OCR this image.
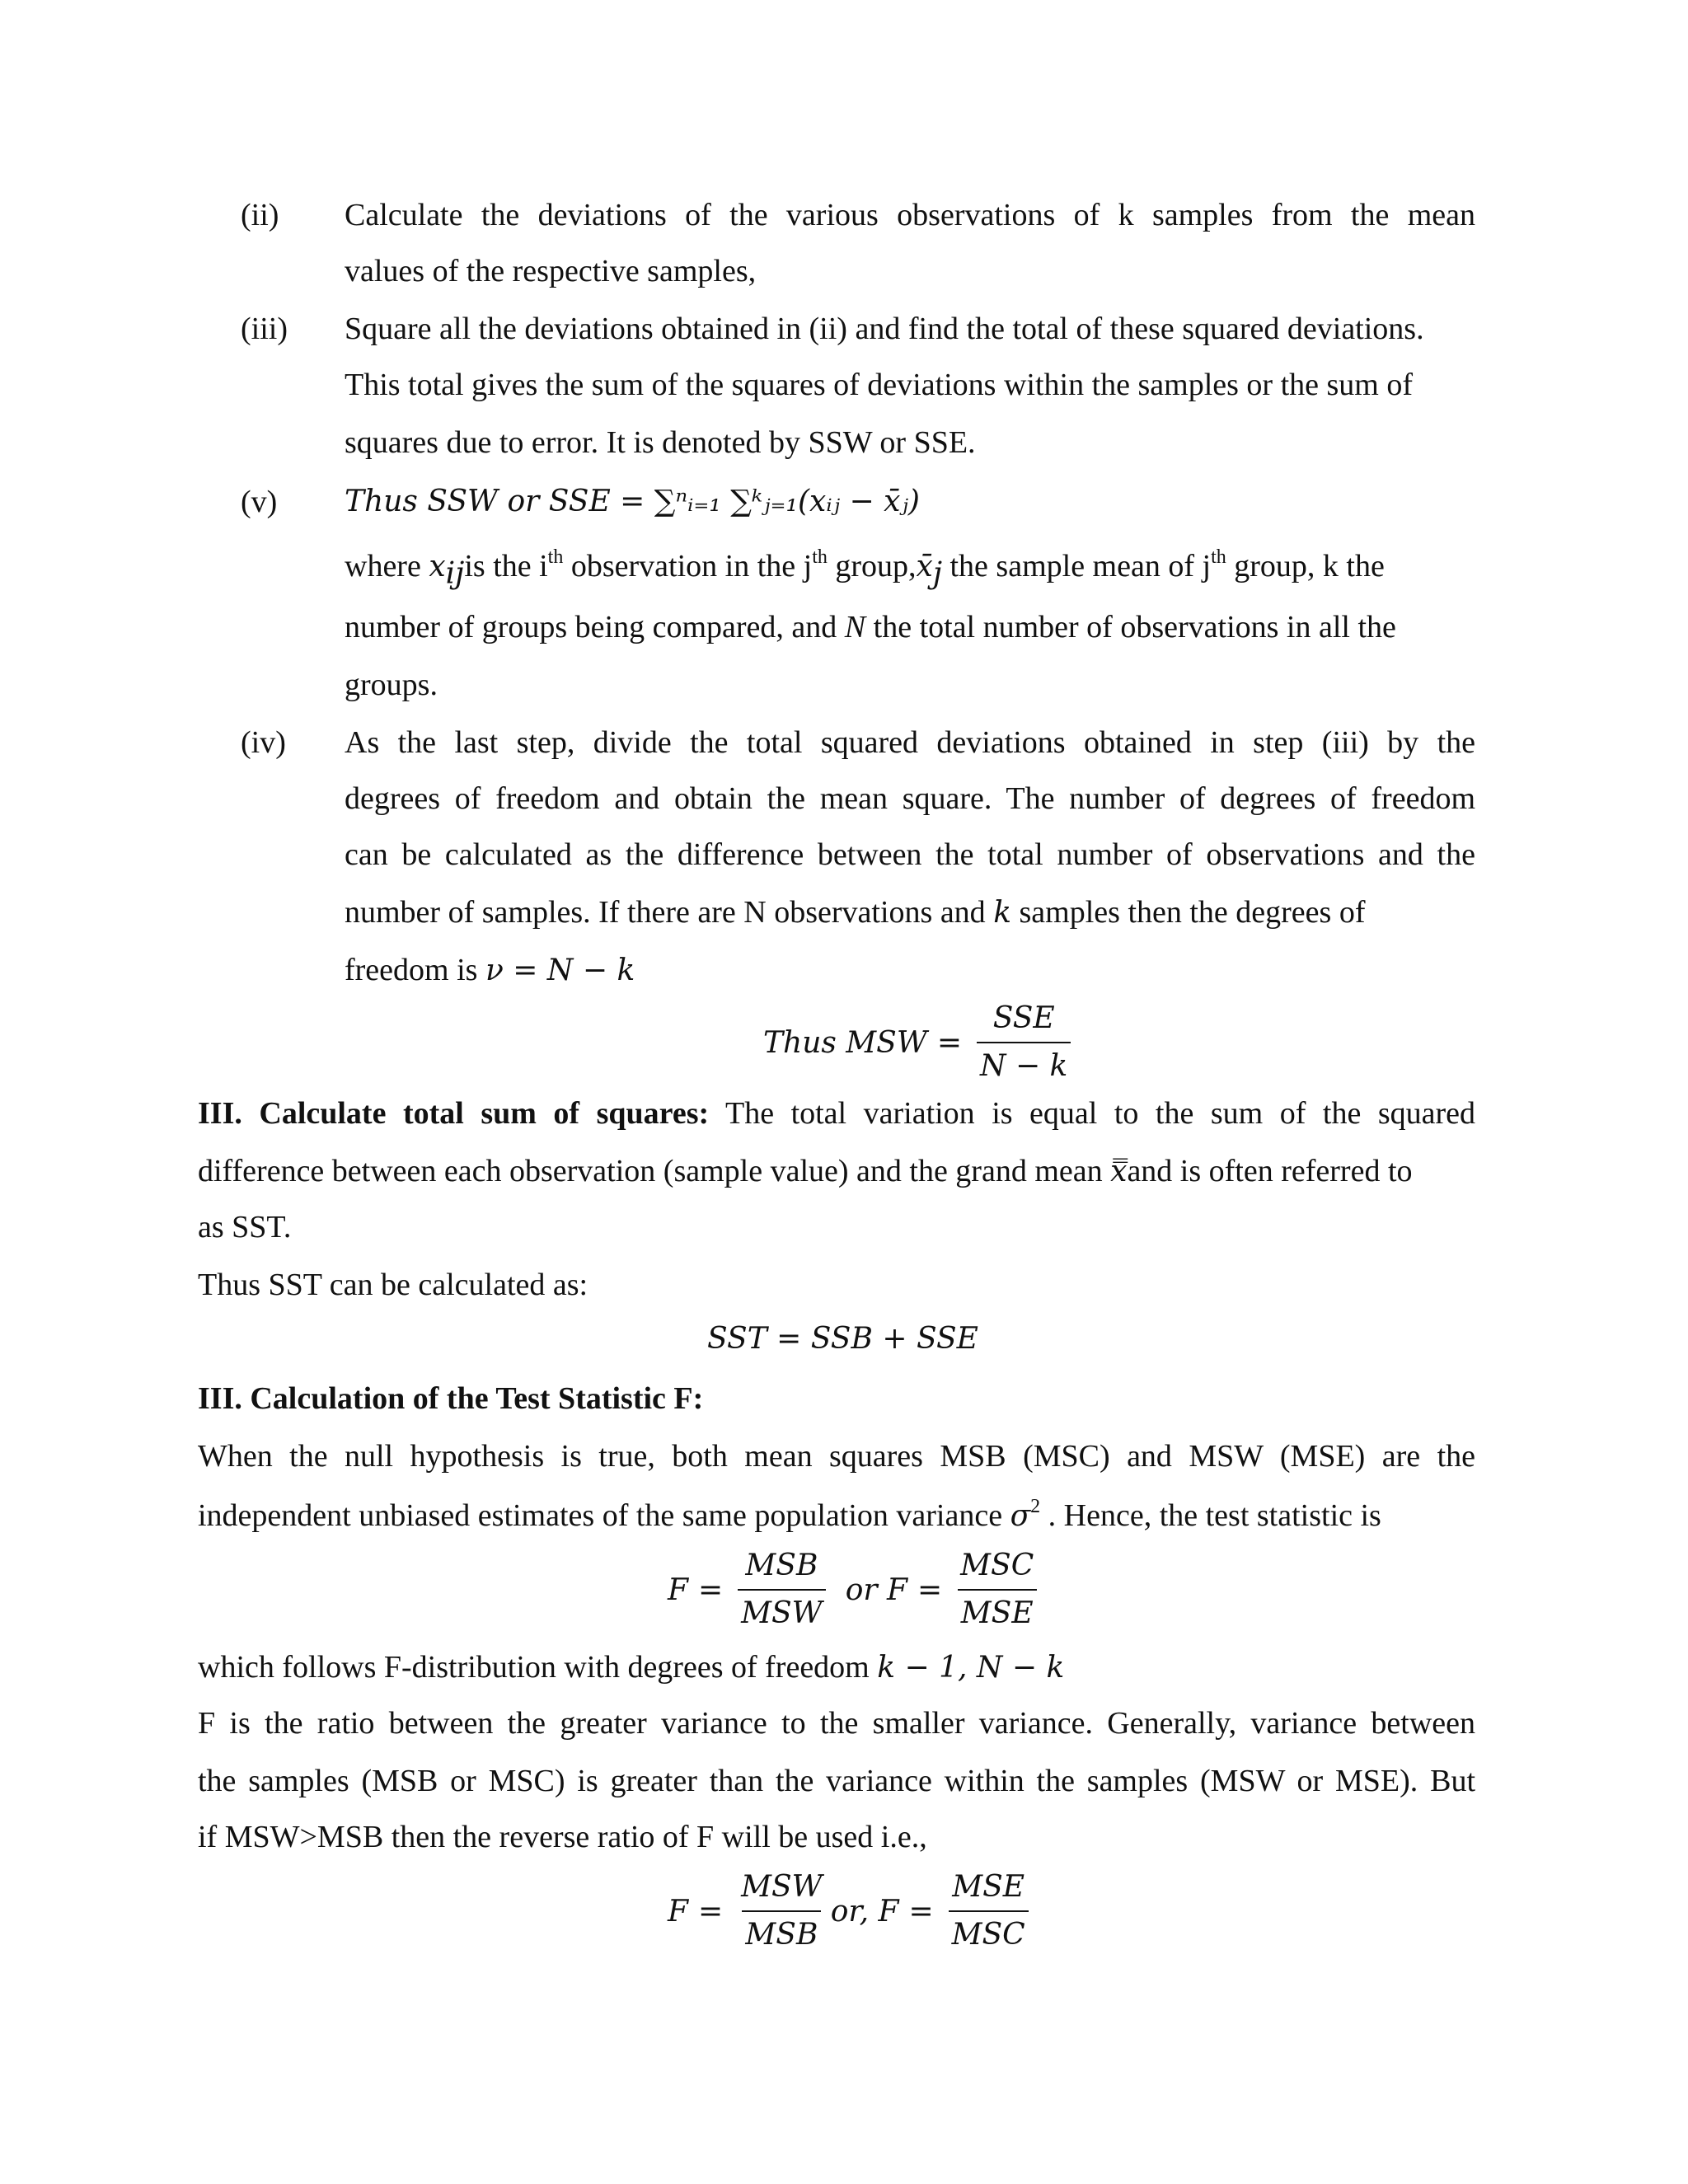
(ii) Calculate the deviations of the various observations of k samples from the mean
values of the respective samples,
(iii) Square all the deviations obtained in (ii) and find the total of these squared deviations.
This total gives the sum of the squares of deviations within the samples or the sum of
squares due to error. It is denoted by SSW or SSE.
(v) Thus SSW or SSE = ∑ⁿᵢ₌₁ ∑ᵏⱼ₌₁(xᵢⱼ − x̄ⱼ)
where $x_{ij}is$ the $i^{th}$ observation in the $j^{th}$ $group,x̄_j$ the sample mean of $j^{th}$ group, k the
number of groups being compared, and N the total number of observations in all the
groups.
(iv) As the last step, divide the total squared deviations obtained in step (iii) by the
degrees of freedom and obtain the mean square. The number of degrees of freedom
can be calculated as the difference between the total number of observations and the
number of samples. If there are N observations and k samples then the degrees of
freedom is ν = N − k
Thus MSW = $\frac{\text{SSE}}{N - k}$
III. Calculate total sum of squares: The total variation is equal to the sum of the squared
difference between each observation (sample value) and the grand mean x̿and is often referred to
as SST.
Thus SST can be calculated as:
SST = SSB + SSE
III. Calculation of the Test Statistic F:
When the null hypothesis is true, both mean squares MSB (MSC) and MSW (MSE) are the
independent unbiased estimates of the same population variance $\sigma^2$ . Hence, the test statistic is
$F = \frac{\text{MSB}}{\text{MSW}}$ or $F = \frac{\text{MSC}}{\text{MSE}}$
which follows F-distribution with degrees of freedom k − 1, N − k
F is the ratio between the greater variance to the smaller variance. Generally, variance between
the samples (MSB or MSC) is greater than the variance within the samples (MSW or MSE). But
if MSW>MSB then the reverse ratio of F will be used i.e.,
$F = \frac{\text{MSW}}{\text{MSB}}$ or, $F = \frac{\text{MSE}}{\text{MSC}}$
